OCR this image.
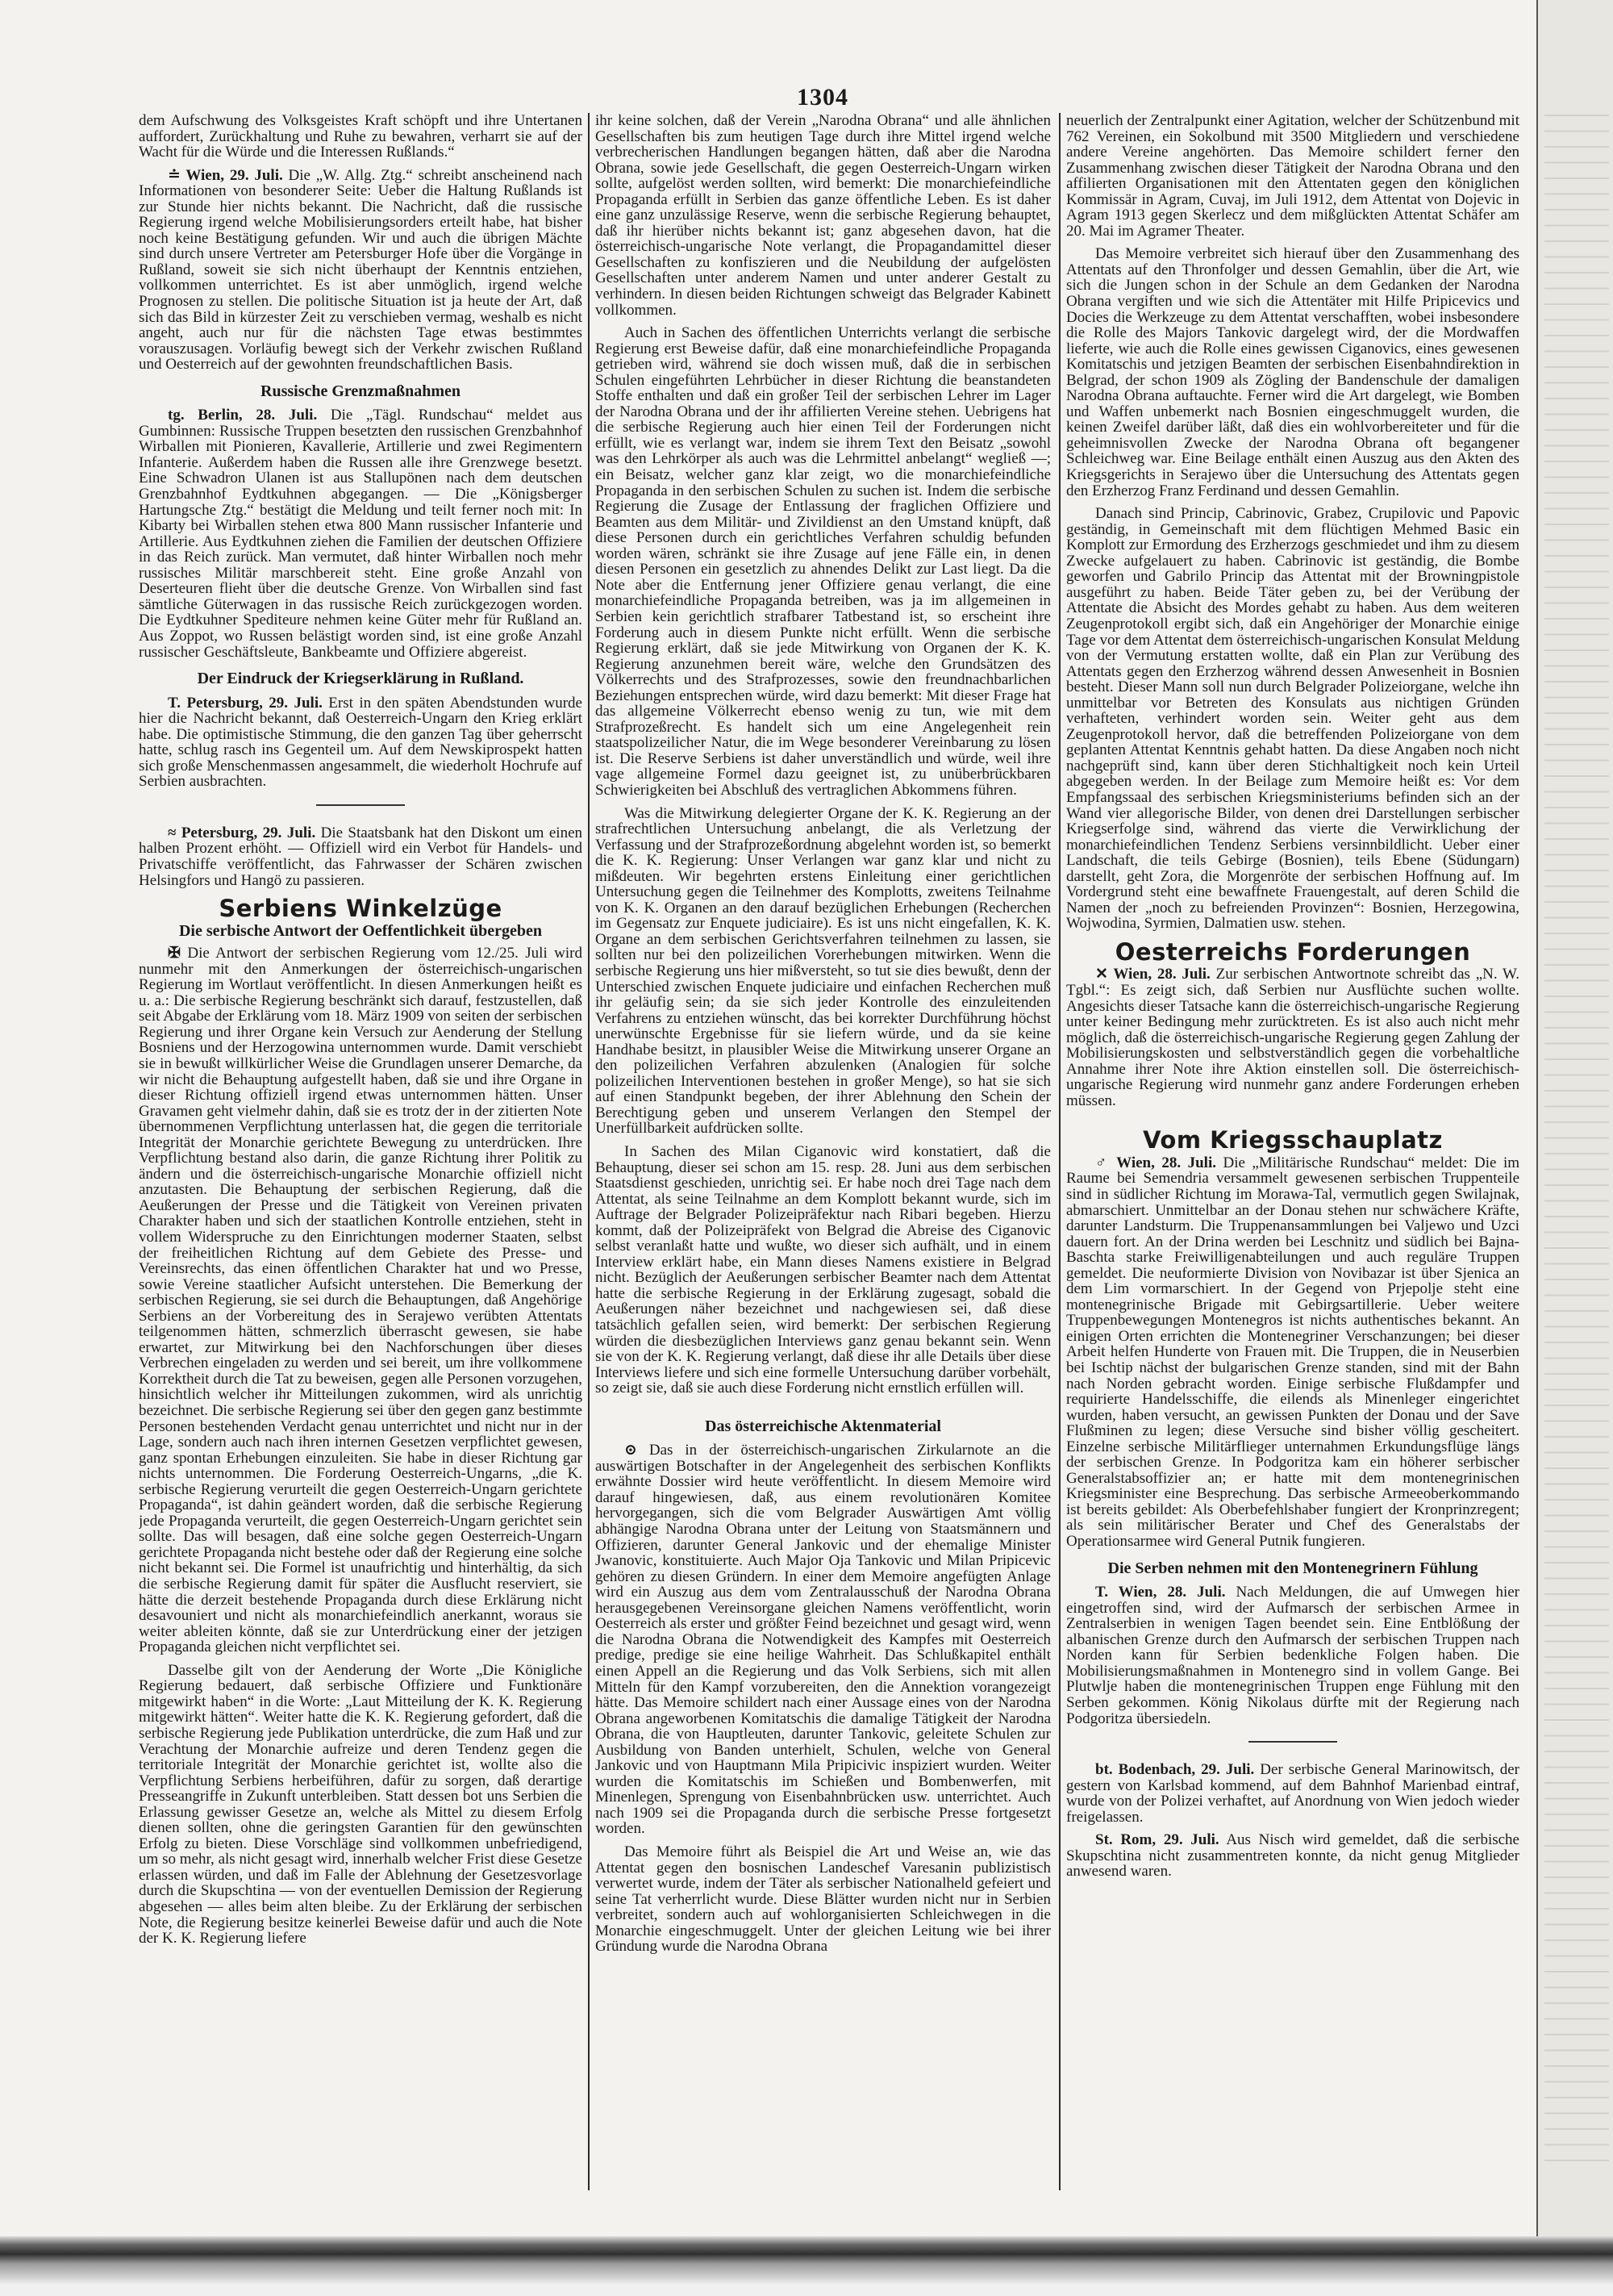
1304

dem Aufschwung des Volksgeistes Kraft schöpft und ihre Untertanen auffordert, Zurückhaltung und Ruhe zu bewahren, verharrt sie auf der Wacht für die Würde und die Interessen Rußlands.“

≐ Wien, 29. Juli. Die „W. Allg. Ztg.“ schreibt anscheinend nach Informationen von besonderer Seite: Ueber die Haltung Rußlands ist zur Stunde hier nichts bekannt. Die Nachricht, daß die russische Regierung irgend welche Mobilisierungsorders erteilt habe, hat bisher noch keine Bestätigung gefunden. Wir und auch die übrigen Mächte sind durch unsere Vertreter am Petersburger Hofe über die Vorgänge in Rußland, soweit sie sich nicht überhaupt der Kenntnis entziehen, vollkommen unterrichtet. Es ist aber unmöglich, irgend welche Prognosen zu stellen. Die politische Situation ist ja heute der Art, daß sich das Bild in kürzester Zeit zu verschieben vermag, weshalb es nicht angeht, auch nur für die nächsten Tage etwas bestimmtes vorauszusagen. Vorläufig bewegt sich der Verkehr zwischen Rußland und Oesterreich auf der gewohnten freundschaftlichen Basis.

Russische Grenzmaßnahmen

tg. Berlin, 28. Juli. Die „Tägl. Rundschau“ meldet aus Gumbinnen: Russische Truppen besetzten den russischen Grenzbahnhof Wirballen mit Pionieren, Kavallerie, Artillerie und zwei Regimentern Infanterie. Außerdem haben die Russen alle ihre Grenzwege besetzt. Eine Schwadron Ulanen ist aus Stallupönen nach dem deutschen Grenzbahnhof Eydtkuhnen abgegangen. — Die „Königsberger Hartungsche Ztg.“ bestätigt die Meldung und teilt ferner noch mit: In Kibarty bei Wirballen stehen etwa 800 Mann russischer Infanterie und Artillerie. Aus Eydtkuhnen ziehen die Familien der deutschen Offiziere in das Reich zurück. Man vermutet, daß hinter Wirballen noch mehr russisches Militär marschbereit steht. Eine große Anzahl von Deserteuren flieht über die deutsche Grenze. Von Wirballen sind fast sämtliche Güterwagen in das russische Reich zurückgezogen worden. Die Eydtkuhner Spediteure nehmen keine Güter mehr für Rußland an. Aus Zoppot, wo Russen belästigt worden sind, ist eine große Anzahl russischer Geschäftsleute, Bankbeamte und Offiziere abgereist.

Der Eindruck der Kriegserklärung in Rußland.

T. Petersburg, 29. Juli. Erst in den späten Abendstunden wurde hier die Nachricht bekannt, daß Oesterreich-Ungarn den Krieg erklärt habe. Die optimistische Stimmung, die den ganzen Tag über geherrscht hatte, schlug rasch ins Gegenteil um. Auf dem Newskiprospekt hatten sich große Menschenmassen angesammelt, die wiederholt Hochrufe auf Serbien ausbrachten.

≈ Petersburg, 29. Juli. Die Staatsbank hat den Diskont um einen halben Prozent erhöht. — Offiziell wird ein Verbot für Handels- und Privatschiffe veröffentlicht, das Fahrwasser der Schären zwischen Helsingfors und Hangö zu passieren.

Serbiens Winkelzüge
Die serbische Antwort der Oeffentlichkeit übergeben

✠ Die Antwort der serbischen Regierung vom 12./25. Juli wird nunmehr mit den Anmerkungen der österreichisch-ungarischen Regierung im Wortlaut veröffentlicht. In diesen Anmerkungen heißt es u. a.: Die serbische Regierung beschränkt sich darauf, festzustellen, daß seit Abgabe der Erklärung vom 18. März 1909 von seiten der serbischen Regierung und ihrer Organe kein Versuch zur Aenderung der Stellung Bosniens und der Herzogowina unternommen wurde. Damit verschiebt sie in bewußt willkürlicher Weise die Grundlagen unserer Demarche, da wir nicht die Behauptung aufgestellt haben, daß sie und ihre Organe in dieser Richtung offiziell irgend etwas unternommen hätten. Unser Gravamen geht vielmehr dahin, daß sie es trotz der in der zitierten Note übernommenen Verpflichtung unterlassen hat, die gegen die territoriale Integrität der Monarchie gerichtete Bewegung zu unterdrücken. Ihre Verpflichtung bestand also darin, die ganze Richtung ihrer Politik zu ändern und die österreichisch-ungarische Monarchie offiziell nicht anzutasten. Die Behauptung der serbischen Regierung, daß die Aeußerungen der Presse und die Tätigkeit von Vereinen privaten Charakter haben und sich der staatlichen Kontrolle entziehen, steht in vollem Widerspruche zu den Einrichtungen moderner Staaten, selbst der freiheitlichen Richtung auf dem Gebiete des Presse- und Vereinsrechts, das einen öffentlichen Charakter hat und wo Presse, sowie Vereine staatlicher Aufsicht unterstehen. Die Bemerkung der serbischen Regierung, sie sei durch die Behauptungen, daß Angehörige Serbiens an der Vorbereitung des in Serajewo verübten Attentats teilgenommen hätten, schmerzlich überrascht gewesen, sie habe erwartet, zur Mitwirkung bei den Nachforschungen über dieses Verbrechen eingeladen zu werden und sei bereit, um ihre vollkommene Korrektheit durch die Tat zu beweisen, gegen alle Personen vorzugehen, hinsichtlich welcher ihr Mitteilungen zukommen, wird als unrichtig bezeichnet. Die serbische Regierung sei über den gegen ganz bestimmte Personen bestehenden Verdacht genau unterrichtet und nicht nur in der Lage, sondern auch nach ihren internen Gesetzen verpflichtet gewesen, ganz spontan Erhebungen einzuleiten. Sie habe in dieser Richtung gar nichts unternommen. Die Forderung Oesterreich-Ungarns, „die K. serbische Regierung verurteilt die gegen Oesterreich-Ungarn gerichtete Propaganda“, ist dahin geändert worden, daß die serbische Regierung jede Propaganda verurteilt, die gegen Oesterreich-Ungarn gerichtet sein sollte. Das will besagen, daß eine solche gegen Oesterreich-Ungarn gerichtete Propaganda nicht bestehe oder daß der Regierung eine solche nicht bekannt sei. Die Formel ist unaufrichtig und hinterhältig, da sich die serbische Regierung damit für später die Ausflucht reserviert, sie hätte die derzeit bestehende Propaganda durch diese Erklärung nicht desavouniert und nicht als monarchiefeindlich anerkannt, woraus sie weiter ableiten könnte, daß sie zur Unterdrückung einer der jetzigen Propaganda gleichen nicht verpflichtet sei.

Dasselbe gilt von der Aenderung der Worte „Die Königliche Regierung bedauert, daß serbische Offiziere und Funktionäre mitgewirkt haben“ in die Worte: „Laut Mitteilung der K. K. Regierung mitgewirkt hätten“. Weiter hatte die K. K. Regierung gefordert, daß die serbische Regierung jede Publikation unterdrücke, die zum Haß und zur Verachtung der Monarchie aufreize und deren Tendenz gegen die territoriale Integrität der Monarchie gerichtet ist, wollte also die Verpflichtung Serbiens herbeiführen, dafür zu sorgen, daß derartige Presseangriffe in Zukunft unterbleiben. Statt dessen bot uns Serbien die Erlassung gewisser Gesetze an, welche als Mittel zu diesem Erfolg dienen sollten, ohne die geringsten Garantien für den gewünschten Erfolg zu bieten. Diese Vorschläge sind vollkommen unbefriedigend, um so mehr, als nicht gesagt wird, innerhalb welcher Frist diese Gesetze erlassen würden, und daß im Falle der Ablehnung der Gesetzesvorlage durch die Skupschtina — von der eventuellen Demission der Regierung abgesehen — alles beim alten bleibe. Zu der Erklärung der serbischen Note, die Regierung besitze keinerlei Beweise dafür und auch die Note der K. K. Regierung liefere

ihr keine solchen, daß der Verein „Narodna Obrana“ und alle ähnlichen Gesellschaften bis zum heutigen Tage durch ihre Mittel irgend welche verbrecherischen Handlungen begangen hätten, daß aber die Narodna Obrana, sowie jede Gesellschaft, die gegen Oesterreich-Ungarn wirken sollte, aufgelöst werden sollten, wird bemerkt: Die monarchiefeindliche Propaganda erfüllt in Serbien das ganze öffentliche Leben. Es ist daher eine ganz unzulässige Reserve, wenn die serbische Regierung behauptet, daß ihr hierüber nichts bekannt ist; ganz abgesehen davon, hat die österreichisch-ungarische Note verlangt, die Propagandamittel dieser Gesellschaften zu konfiszieren und die Neubildung der aufgelösten Gesellschaften unter anderem Namen und unter anderer Gestalt zu verhindern. In diesen beiden Richtungen schweigt das Belgrader Kabinett vollkommen.

Auch in Sachen des öffentlichen Unterrichts verlangt die serbische Regierung erst Beweise dafür, daß eine monarchiefeindliche Propaganda getrieben wird, während sie doch wissen muß, daß die in serbischen Schulen eingeführten Lehrbücher in dieser Richtung die beanstandeten Stoffe enthalten und daß ein großer Teil der serbischen Lehrer im Lager der Narodna Obrana und der ihr affilierten Vereine stehen. Uebrigens hat die serbische Regierung auch hier einen Teil der Forderungen nicht erfüllt, wie es verlangt war, indem sie ihrem Text den Beisatz „sowohl was den Lehrkörper als auch was die Lehrmittel anbelangt“ wegließ —; ein Beisatz, welcher ganz klar zeigt, wo die monarchiefeindliche Propaganda in den serbischen Schulen zu suchen ist. Indem die serbische Regierung die Zusage der Entlassung der fraglichen Offiziere und Beamten aus dem Militär- und Zivildienst an den Umstand knüpft, daß diese Personen durch ein gerichtliches Verfahren schuldig befunden worden wären, schränkt sie ihre Zusage auf jene Fälle ein, in denen diesen Personen ein gesetzlich zu ahnendes Delikt zur Last liegt. Da die Note aber die Entfernung jener Offiziere genau verlangt, die eine monarchiefeindliche Propaganda betreiben, was ja im allgemeinen in Serbien kein gerichtlich strafbarer Tatbestand ist, so erscheint ihre Forderung auch in diesem Punkte nicht erfüllt. Wenn die serbische Regierung erklärt, daß sie jede Mitwirkung von Organen der K. K. Regierung anzunehmen bereit wäre, welche den Grundsätzen des Völkerrechts und des Strafprozesses, sowie den freundnachbarlichen Beziehungen entsprechen würde, wird dazu bemerkt: Mit dieser Frage hat das allgemeine Völkerrecht ebenso wenig zu tun, wie mit dem Strafprozeßrecht. Es handelt sich um eine Angelegenheit rein staatspolizeilicher Natur, die im Wege besonderer Vereinbarung zu lösen ist. Die Reserve Serbiens ist daher unverständlich und würde, weil ihre vage allgemeine Formel dazu geeignet ist, zu unüberbrückbaren Schwierigkeiten bei Abschluß des vertraglichen Abkommens führen.

Was die Mitwirkung delegierter Organe der K. K. Regierung an der strafrechtlichen Untersuchung anbelangt, die als Verletzung der Verfassung und der Strafprozeßordnung abgelehnt worden ist, so bemerkt die K. K. Regierung: Unser Verlangen war ganz klar und nicht zu mißdeuten. Wir begehrten erstens Einleitung einer gerichtlichen Untersuchung gegen die Teilnehmer des Komplotts, zweitens Teilnahme von K. K. Organen an den darauf bezüglichen Erhebungen (Recherchen im Gegensatz zur Enquete judiciaire). Es ist uns nicht eingefallen, K. K. Organe an dem serbischen Gerichtsverfahren teilnehmen zu lassen, sie sollten nur bei den polizeilichen Vorerhebungen mitwirken. Wenn die serbische Regierung uns hier mißversteht, so tut sie dies bewußt, denn der Unterschied zwischen Enquete judiciaire und einfachen Recherchen muß ihr geläufig sein; da sie sich jeder Kontrolle des einzuleitenden Verfahrens zu entziehen wünscht, das bei korrekter Durchführung höchst unerwünschte Ergebnisse für sie liefern würde, und da sie keine Handhabe besitzt, in plausibler Weise die Mitwirkung unserer Organe an den polizeilichen Verfahren abzulenken (Analogien für solche polizeilichen Interventionen bestehen in großer Menge), so hat sie sich auf einen Standpunkt begeben, der ihrer Ablehnung den Schein der Berechtigung geben und unserem Verlangen den Stempel der Unerfüllbarkeit aufdrücken sollte.

In Sachen des Milan Ciganovic wird konstatiert, daß die Behauptung, dieser sei schon am 15. resp. 28. Juni aus dem serbischen Staatsdienst geschieden, unrichtig sei. Er habe noch drei Tage nach dem Attentat, als seine Teilnahme an dem Komplott bekannt wurde, sich im Auftrage der Belgrader Polizeipräfektur nach Ribari begeben. Hierzu kommt, daß der Polizeipräfekt von Belgrad die Abreise des Ciganovic selbst veranlaßt hatte und wußte, wo dieser sich aufhält, und in einem Interview erklärt habe, ein Mann dieses Namens existiere in Belgrad nicht. Bezüglich der Aeußerungen serbischer Beamter nach dem Attentat hatte die serbische Regierung in der Erklärung zugesagt, sobald die Aeußerungen näher bezeichnet und nachgewiesen sei, daß diese tatsächlich gefallen seien, wird bemerkt: Der serbischen Regierung würden die diesbezüglichen Interviews ganz genau bekannt sein. Wenn sie von der K. K. Regierung verlangt, daß diese ihr alle Details über diese Interviews liefere und sich eine formelle Untersuchung darüber vorbehält, so zeigt sie, daß sie auch diese Forderung nicht ernstlich erfüllen will.

Das österreichische Aktenmaterial

⊙ Das in der österreichisch-ungarischen Zirkularnote an die auswärtigen Botschafter in der Angelegenheit des serbischen Konflikts erwähnte Dossier wird heute veröffentlicht. In diesem Memoire wird darauf hingewiesen, daß, aus einem revolutionären Komitee hervorgegangen, sich die vom Belgrader Auswärtigen Amt völlig abhängige Narodna Obrana unter der Leitung von Staatsmännern und Offizieren, darunter General Jankovic und der ehemalige Minister Jwanovic, konstituierte. Auch Major Oja Tankovic und Milan Pripicevic gehören zu diesen Gründern. In einer dem Memoire angefügten Anlage wird ein Auszug aus dem vom Zentralausschuß der Narodna Obrana herausgegebenen Vereinsorgane gleichen Namens veröffentlicht, worin Oesterreich als erster und größter Feind bezeichnet und gesagt wird, wenn die Narodna Obrana die Notwendigkeit des Kampfes mit Oesterreich predige, predige sie eine heilige Wahrheit. Das Schlußkapitel enthält einen Appell an die Regierung und das Volk Serbiens, sich mit allen Mitteln für den Kampf vorzubereiten, den die Annektion vorangezeigt hätte. Das Memoire schildert nach einer Aussage eines von der Narodna Obrana angeworbenen Komitatschis die damalige Tätigkeit der Narodna Obrana, die von Hauptleuten, darunter Tankovic, geleitete Schulen zur Ausbildung von Banden unterhielt, Schulen, welche von General Jankovic und von Hauptmann Mila Pripicivic inspiziert wurden. Weiter wurden die Komitatschis im Schießen und Bombenwerfen, mit Minenlegen, Sprengung von Eisenbahnbrücken usw. unterrichtet. Auch nach 1909 sei die Propaganda durch die serbische Presse fortgesetzt worden.

Das Memoire führt als Beispiel die Art und Weise an, wie das Attentat gegen den bosnischen Landeschef Varesanin publizistisch verwertet wurde, indem der Täter als serbischer Nationalheld gefeiert und seine Tat verherrlicht wurde. Diese Blätter wurden nicht nur in Serbien verbreitet, sondern auch auf wohlorganisierten Schleichwegen in die Monarchie eingeschmuggelt. Unter der gleichen Leitung wie bei ihrer Gründung wurde die Narodna Obrana

neuerlich der Zentralpunkt einer Agitation, welcher der Schützenbund mit 762 Vereinen, ein Sokolbund mit 3500 Mitgliedern und verschiedene andere Vereine angehörten. Das Memoire schildert ferner den Zusammenhang zwischen dieser Tätigkeit der Narodna Obrana und den affilierten Organisationen mit den Attentaten gegen den königlichen Kommissär in Agram, Cuvaj, im Juli 1912, dem Attentat von Dojevic in Agram 1913 gegen Skerlecz und dem mißglückten Attentat Schäfer am 20. Mai im Agramer Theater.

Das Memoire verbreitet sich hierauf über den Zusammenhang des Attentats auf den Thronfolger und dessen Gemahlin, über die Art, wie sich die Jungen schon in der Schule an dem Gedanken der Narodna Obrana vergiften und wie sich die Attentäter mit Hilfe Pripicevics und Docies die Werkzeuge zu dem Attentat verschafften, wobei insbesondere die Rolle des Majors Tankovic dargelegt wird, der die Mordwaffen lieferte, wie auch die Rolle eines gewissen Ciganovics, eines gewesenen Komitatschis und jetzigen Beamten der serbischen Eisenbahndirektion in Belgrad, der schon 1909 als Zögling der Bandenschule der damaligen Narodna Obrana auftauchte. Ferner wird die Art dargelegt, wie Bomben und Waffen unbemerkt nach Bosnien eingeschmuggelt wurden, die keinen Zweifel darüber läßt, daß dies ein wohlvorbereiteter und für die geheimnisvollen Zwecke der Narodna Obrana oft begangener Schleichweg war. Eine Beilage enthält einen Auszug aus den Akten des Kriegsgerichts in Serajewo über die Untersuchung des Attentats gegen den Erzherzog Franz Ferdinand und dessen Gemahlin.

Danach sind Princip, Cabrinovic, Grabez, Crupilovic und Papovic geständig, in Gemeinschaft mit dem flüchtigen Mehmed Basic ein Komplott zur Ermordung des Erzherzogs geschmiedet und ihm zu diesem Zwecke aufgelauert zu haben. Cabrinovic ist geständig, die Bombe geworfen und Gabrilo Princip das Attentat mit der Browningpistole ausgeführt zu haben. Beide Täter geben zu, bei der Verübung der Attentate die Absicht des Mordes gehabt zu haben. Aus dem weiteren Zeugenprotokoll ergibt sich, daß ein Angehöriger der Monarchie einige Tage vor dem Attentat dem österreichisch-ungarischen Konsulat Meldung von der Vermutung erstatten wollte, daß ein Plan zur Verübung des Attentats gegen den Erzherzog während dessen Anwesenheit in Bosnien besteht. Dieser Mann soll nun durch Belgrader Polizeiorgane, welche ihn unmittelbar vor Betreten des Konsulats aus nichtigen Gründen verhafteten, verhindert worden sein. Weiter geht aus dem Zeugenprotokoll hervor, daß die betreffenden Polizeiorgane von dem geplanten Attentat Kenntnis gehabt hatten. Da diese Angaben noch nicht nachgeprüft sind, kann über deren Stichhaltigkeit noch kein Urteil abgegeben werden. In der Beilage zum Memoire heißt es: Vor dem Empfangssaal des serbischen Kriegsministeriums befinden sich an der Wand vier allegorische Bilder, von denen drei Darstellungen serbischer Kriegserfolge sind, während das vierte die Verwirklichung der monarchiefeindlichen Tendenz Serbiens versinnbildlicht. Ueber einer Landschaft, die teils Gebirge (Bosnien), teils Ebene (Südungarn) darstellt, geht Zora, die Morgenröte der serbischen Hoffnung auf. Im Vordergrund steht eine bewaffnete Frauengestalt, auf deren Schild die Namen der „noch zu befreienden Provinzen“: Bosnien, Herzegowina, Wojwodina, Syrmien, Dalmatien usw. stehen.

Oesterreichs Forderungen

✕ Wien, 28. Juli. Zur serbischen Antwortnote schreibt das „N. W. Tgbl.“: Es zeigt sich, daß Serbien nur Ausflüchte suchen wollte. Angesichts dieser Tatsache kann die österreichisch-ungarische Regierung unter keiner Bedingung mehr zurücktreten. Es ist also auch nicht mehr möglich, daß die österreichisch-ungarische Regierung gegen Zahlung der Mobilisierungskosten und selbstverständlich gegen die vorbehaltliche Annahme ihrer Note ihre Aktion einstellen soll. Die österreichisch-ungarische Regierung wird nunmehr ganz andere Forderungen erheben müssen.

Vom Kriegsschauplatz

♂ Wien, 28. Juli. Die „Militärische Rundschau“ meldet: Die im Raume bei Semendria versammelt gewesenen serbischen Truppenteile sind in südlicher Richtung im Morawa-Tal, vermutlich gegen Swilajnak, abmarschiert. Unmittelbar an der Donau stehen nur schwächere Kräfte, darunter Landsturm. Die Truppenansammlungen bei Valjewo und Uzci dauern fort. An der Drina werden bei Leschnitz und südlich bei Bajna-Baschta starke Freiwilligenabteilungen und auch reguläre Truppen gemeldet. Die neuformierte Division von Novibazar ist über Sjenica an dem Lim vormarschiert. In der Gegend von Prjepolje steht eine montenegrinische Brigade mit Gebirgsartillerie. Ueber weitere Truppenbewegungen Montenegros ist nichts authentisches bekannt. An einigen Orten errichten die Montenegriner Verschanzungen; bei dieser Arbeit helfen Hunderte von Frauen mit. Die Truppen, die in Neuserbien bei Ischtip nächst der bulgarischen Grenze standen, sind mit der Bahn nach Norden gebracht worden. Einige serbische Flußdampfer und requirierte Handelsschiffe, die eilends als Minenleger eingerichtet wurden, haben versucht, an gewissen Punkten der Donau und der Save Flußminen zu legen; diese Versuche sind bisher völlig gescheitert. Einzelne serbische Militärflieger unternahmen Erkundungsflüge längs der serbischen Grenze. In Podgoritza kam ein höherer serbischer Generalstabsoffizier an; er hatte mit dem montenegrinischen Kriegsminister eine Besprechung. Das serbische Armeeoberkommando ist bereits gebildet: Als Oberbefehlshaber fungiert der Kronprinzregent; als sein militärischer Berater und Chef des Generalstabs der Operationsarmee wird General Putnik fungieren.

Die Serben nehmen mit den Montenegrinern Fühlung

T. Wien, 28. Juli. Nach Meldungen, die auf Umwegen hier eingetroffen sind, wird der Aufmarsch der serbischen Armee in Zentralserbien in wenigen Tagen beendet sein. Eine Entblößung der albanischen Grenze durch den Aufmarsch der serbischen Truppen nach Norden kann für Serbien bedenkliche Folgen haben. Die Mobilisierungsmaßnahmen in Montenegro sind in vollem Gange. Bei Plutwlje haben die montenegrinischen Truppen enge Fühlung mit den Serben gekommen. König Nikolaus dürfte mit der Regierung nach Podgoritza übersiedeln.

bt. Bodenbach, 29. Juli. Der serbische General Marinowitsch, der gestern von Karlsbad kommend, auf dem Bahnhof Marienbad eintraf, wurde von der Polizei verhaftet, auf Anordnung von Wien jedoch wieder freigelassen.

St. Rom, 29. Juli. Aus Nisch wird gemeldet, daß die serbische Skupschtina nicht zusammentreten konnte, da nicht genug Mitglieder anwesend waren.
